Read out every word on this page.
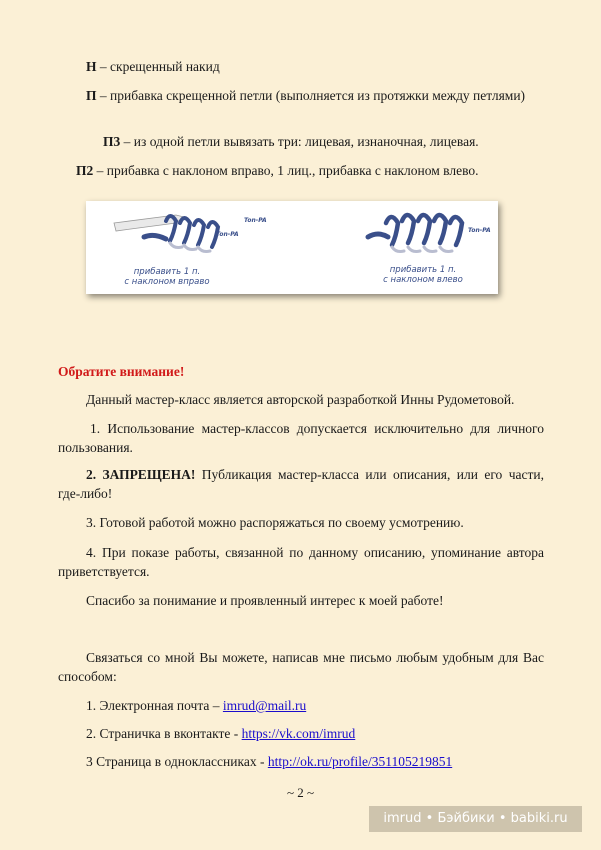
Н – скрещенный накид

П – прибавка скрещенной петли (выполняется из протяжки между петлями)

П3 – из одной петли вывязать три: лицевая, изнаночная, лицевая.

П2 – прибавка с наклоном вправо, 1 лиц., прибавка с наклоном влево.

прибавить 1 п.
с наклоном вправо
Ton-PA
Ton-PA
прибавить 1 п.
с наклоном влево
Ton-PA

Обратите внимание!

Данный мастер-класс является авторской разработкой Инны Рудометовой.

1. Использование мастер-классов допускается исключительно для личного пользования.

2. ЗАПРЕЩЕНА! Публикация мастер-класса или описания, или его части, где-либо!

3. Готовой работой можно распоряжаться по своему усмотрению.

4. При показе работы, связанной по данному описанию, упоминание автора приветствуется.

Спасибо за понимание и проявленный интерес к моей работе!

Связаться со мной Вы можете, написав мне письмо любым удобным для Вас способом:

1. Электронная почта – imrud@mail.ru

2. Страничка в вконтакте - https://vk.com/imrud

3 Страница в одноклассниках - http://ok.ru/profile/351105219851

~ 2 ~
imrud • Бэйбики • babiki.ru
